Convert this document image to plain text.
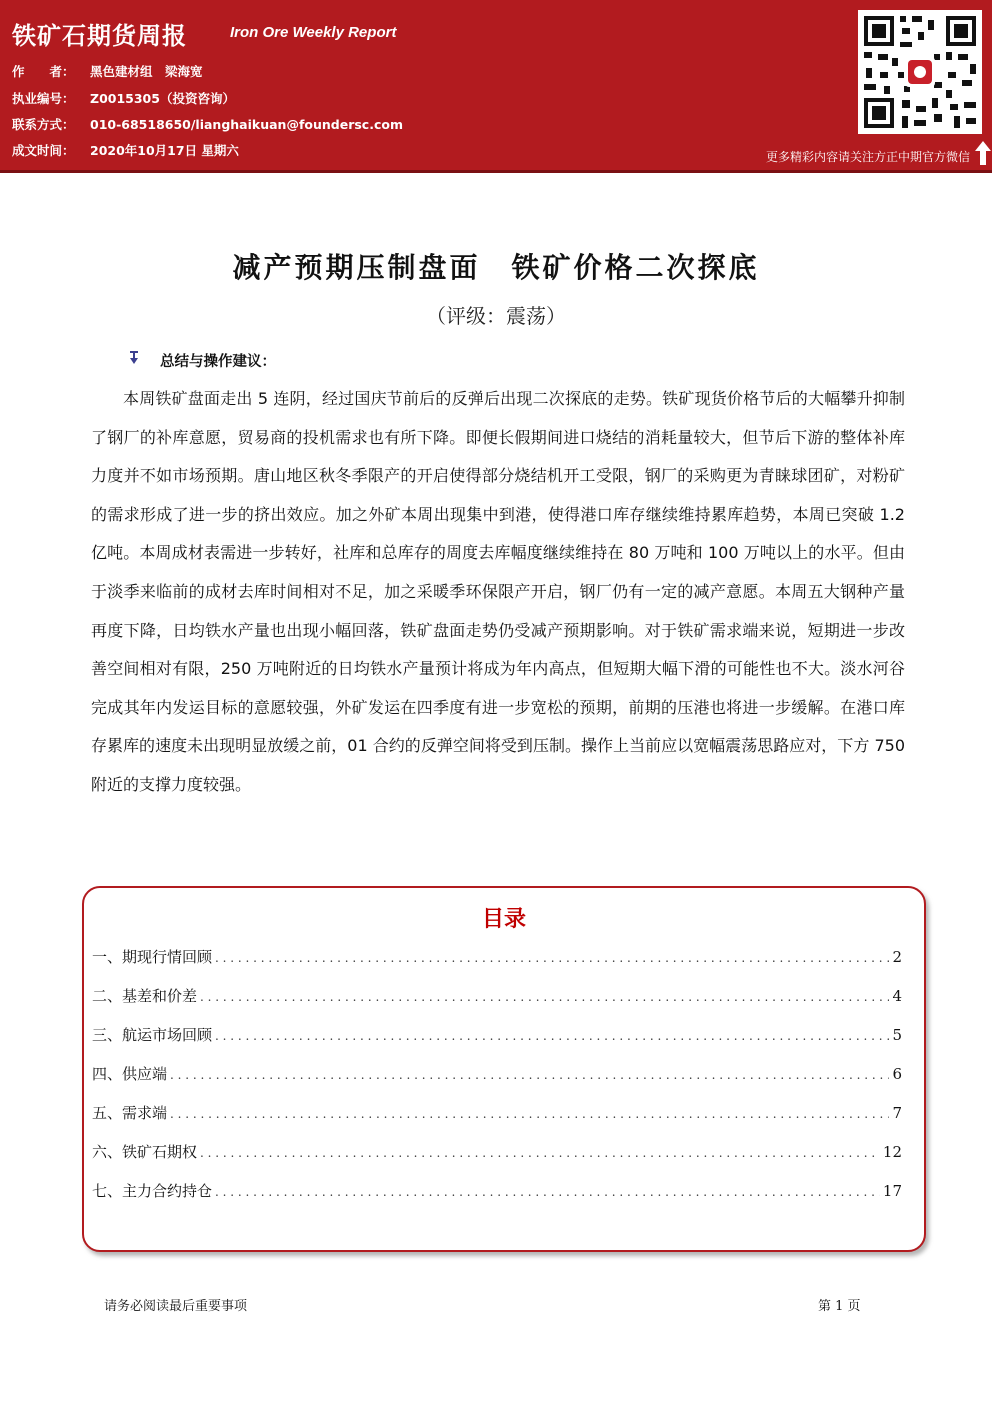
铁矿石期货周报	Iron Ore Weekly Report
作　　者： 黑色建材组　梁海宽
执业编号： Z0015305（投资咨询）
联系方式： 010-68518650/lianghaikuan@foundersc.com
成文时间： 2020年10月17日 星期六	更多精彩内容请关注方正中期官方微信
减产预期压制盘面　铁矿价格二次探底
（评级：震荡）
总结与操作建议：
本周铁矿盘面走出 5 连阴，经过国庆节前后的反弹后出现二次探底的走势。铁矿现货价格节后的大幅攀升抑制了钢厂的补库意愿，贸易商的投机需求也有所下降。即便长假期间进口烧结的消耗量较大，但节后下游的整体补库力度并不如市场预期。唐山地区秋冬季限产的开启使得部分烧结机开工受限，钢厂的采购更为青睐球团矿，对粉矿的需求形成了进一步的挤出效应。加之外矿本周出现集中到港，使得港口库存继续维持累库趋势，本周已突破 1.2 亿吨。本周成材表需进一步转好，社库和总库存的周度去库幅度继续维持在 80 万吨和 100 万吨以上的水平。但由于淡季来临前的成材去库时间相对不足，加之采暖季环保限产开启，钢厂仍有一定的减产意愿。本周五大钢种产量再度下降，日均铁水产量也出现小幅回落，铁矿盘面走势仍受减产预期影响。对于铁矿需求端来说，短期进一步改善空间相对有限，250 万吨附近的日均铁水产量预计将成为年内高点，但短期大幅下滑的可能性也不大。淡水河谷完成其年内发运目标的意愿较强，外矿发运在四季度有进一步宽松的预期，前期的压港也将进一步缓解。在港口库存累库的速度未出现明显放缓之前，01 合约的反弹空间将受到压制。操作上当前应以宽幅震荡思路应对，下方 750 附近的支撑力度较强。
目录
一、期现行情回顾 . . .	2
二、基差和价差 . . .	4
三、航运市场回顾 . . .	5
四、供应端 . . .	6
五、需求端 . . .	7
六、铁矿石期权 . . .	12
七、主力合约持仓 . . .	17
请务必阅读最后重要事项	第 1 页
